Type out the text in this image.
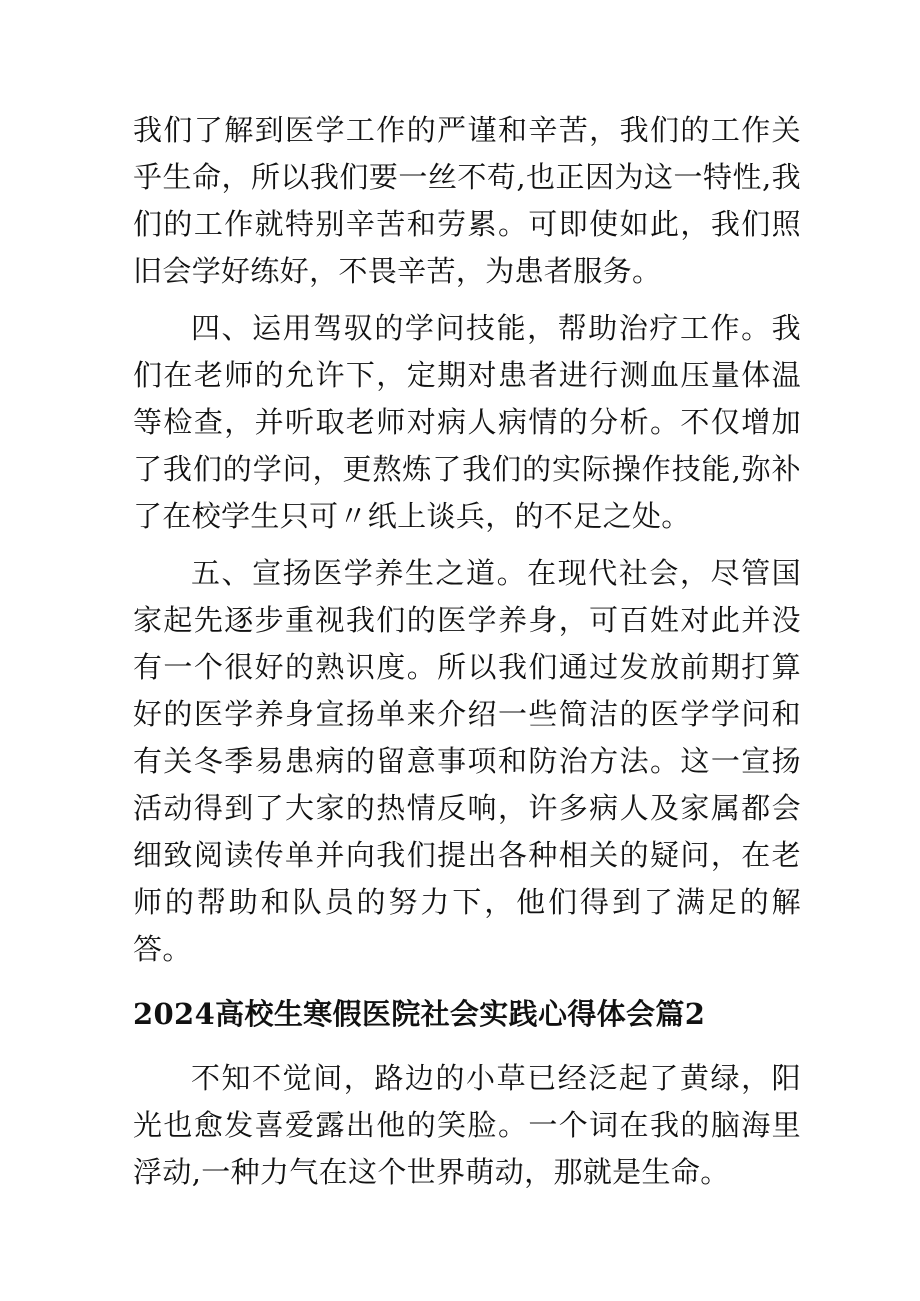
我们了解到医学工作的严谨和辛苦，我们的工作关乎生命，所以我们要一丝不苟,也正因为这一特性,我们的工作就特别辛苦和劳累。可即使如此，我们照旧会学好练好，不畏辛苦，为患者服务。

四、运用驾驭的学问技能，帮助治疗工作。我们在老师的允许下，定期对患者进行测血压量体温等检查，并听取老师对病人病情的分析。不仅增加了我们的学问，更熬炼了我们的实际操作技能,弥补了在校学生只可〃纸上谈兵，的不足之处。

五、宣扬医学养生之道。在现代社会，尽管国家起先逐步重视我们的医学养身，可百姓对此并没有一个很好的熟识度。所以我们通过发放前期打算好的医学养身宣扬单来介绍一些简洁的医学学问和有关冬季易患病的留意事项和防治方法。这一宣扬活动得到了大家的热情反响，许多病人及家属都会细致阅读传单并向我们提出各种相关的疑问，在老师的帮助和队员的努力下，他们得到了满足的解答。

2024高校生寒假医院社会实践心得体会篇2

不知不觉间，路边的小草已经泛起了黄绿，阳光也愈发喜爱露出他的笑脸。一个词在我的脑海里浮动,一种力气在这个世界萌动，那就是生命。
